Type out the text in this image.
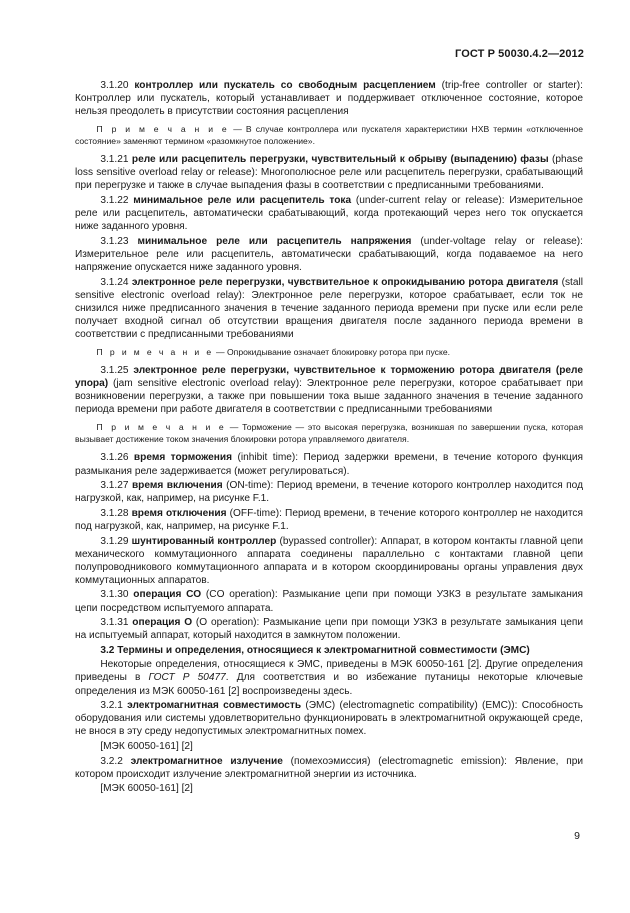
ГОСТ Р 50030.4.2—2012

   3.1.20 контроллер или пускатель со свободным расцеплением (trip-free controller or starter): Контроллер или пускатель, который устанавливает и поддерживает отключенное состояние, которое нельзя преодолеть в присутствии состояния расцепления

   П р и м е ч а н и е — В случае контроллера или пускателя характеристики НХВ термин «отключенное состояние» заменяют термином «разомкнутое положение».

   3.1.21 реле или расцепитель перегрузки, чувствительный к обрыву (выпадению) фазы (phase loss sensitive overload relay or release): Многополюсное реле или расцепитель перегрузки, срабатывающий при перегрузке и также в случае выпадения фазы в соответствии с предписанными требованиями.

   3.1.22 минимальное реле или расцепитель тока (under-current relay or release): Измерительное реле или расцепитель, автоматически срабатывающий, когда протекающий через него ток опускается ниже заданного уровня.

   3.1.23 минимальное реле или расцепитель напряжения (under-voltage relay or release): Измерительное реле или расцепитель, автоматически срабатывающий, когда подаваемое на него напряжение опускается ниже заданного уровня.

   3.1.24 электронное реле перегрузки, чувствительное к опрокидыванию ротора двигателя (stall sensitive electronic overload relay): Электронное реле перегрузки, которое срабатывает, если ток не снизился ниже предписанного значения в течение заданного периода времени при пуске или если реле получает входной сигнал об отсутствии вращения двигателя после заданного периода времени в соответствии с предписанными требованиями

   П р и м е ч а н и е — Опрокидывание означает блокировку ротора при пуске.

   3.1.25 электронное реле перегрузки, чувствительное к торможению ротора двигателя (реле упора) (jam sensitive electronic overload relay): Электронное реле перегрузки, которое срабатывает при возникновении перегрузки, а также при повышении тока выше заданного значения в течение заданного периода времени при работе двигателя в соответствии с предписанными требованиями

   П р и м е ч а н и е — Торможение — это высокая перегрузка, возникшая по завершении пуска, которая вызывает достижение током значения блокировки ротора управляемого двигателя.

   3.1.26 время торможения (inhibit time): Период задержки времени, в течение которого функция размыкания реле задерживается (может регулироваться).

   3.1.27 время включения (ON-time): Период времени, в течение которого контроллер находится под нагрузкой, как, например, на рисунке F.1.

   3.1.28 время отключения (OFF-time): Период времени, в течение которого контроллер не находится под нагрузкой, как, например, на рисунке F.1.

   3.1.29 шунтированный контроллер (bypassed controller): Аппарат, в котором контакты главной цепи механического коммутационного аппарата соединены параллельно с контактами главной цепи полупроводникового коммутационного аппарата и в котором скоординированы органы управления двух коммутационных аппаратов.

   3.1.30 операция СО (CO operation): Размыкание цепи при помощи УЗКЗ в результате замыкания цепи посредством испытуемого аппарата.

   3.1.31 операция О (O operation): Размыкание цепи при помощи УЗКЗ в результате замыкания цепи на испытуемый аппарат, который находится в замкнутом положении.

   3.2 Термины и определения, относящиеся к электромагнитной совместимости (ЭМС)

   Некоторые определения, относящиеся к ЭМС, приведены в МЭК 60050-161 [2]. Другие определения приведены в ГОСТ Р 50477. Для соответствия и во избежание путаницы некоторые ключевые определения из МЭК 60050-161 [2] воспроизведены здесь.

   3.2.1 электромагнитная совместимость (ЭМС) (electromagnetic compatibility) (EMC)): Способность оборудования или системы удовлетворительно функционировать в электромагнитной окружающей среде, не внося в эту среду недопустимых электромагнитных помех.

   [МЭК 60050-161] [2]

   3.2.2 электромагнитное излучение (помехоэмиссия) (electromagnetic emission): Явление, при котором происходит излучение электромагнитной энергии из источника.

   [МЭК 60050-161] [2]

9
